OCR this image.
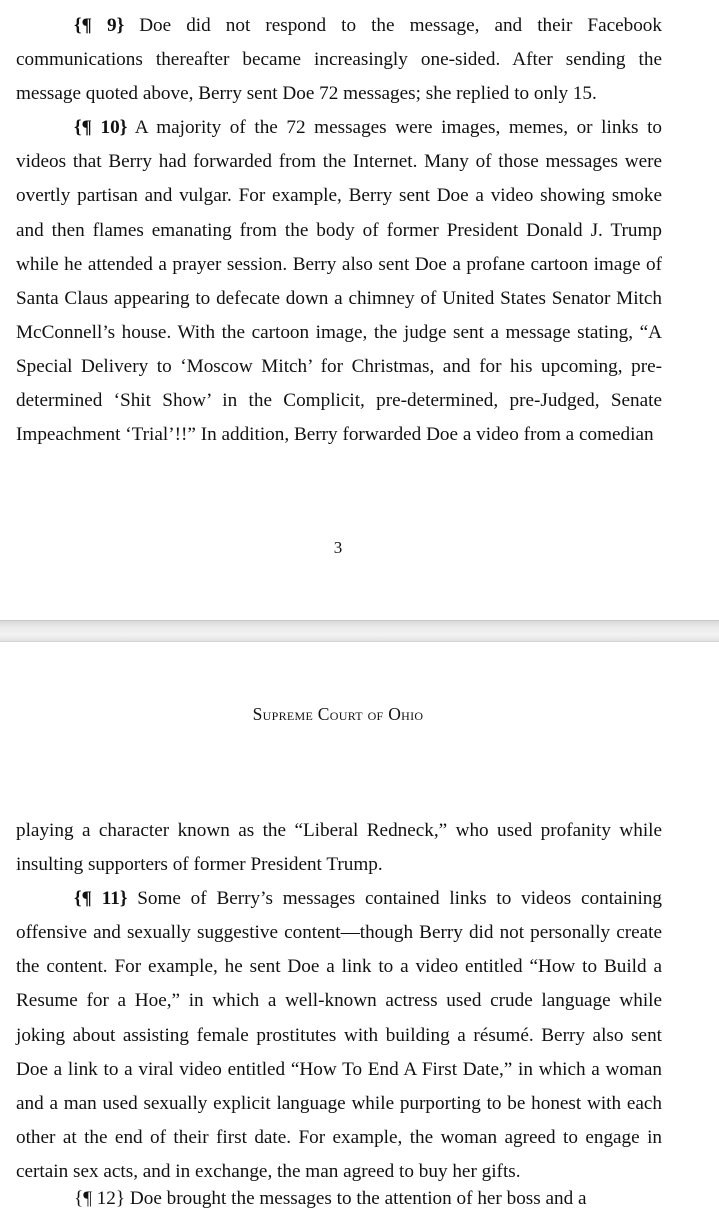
{¶ 9} Doe did not respond to the message, and their Facebook communications thereafter became increasingly one-sided. After sending the message quoted above, Berry sent Doe 72 messages; she replied to only 15.

{¶ 10} A majority of the 72 messages were images, memes, or links to videos that Berry had forwarded from the Internet. Many of those messages were overtly partisan and vulgar. For example, Berry sent Doe a video showing smoke and then flames emanating from the body of former President Donald J. Trump while he attended a prayer session. Berry also sent Doe a profane cartoon image of Santa Claus appearing to defecate down a chimney of United States Senator Mitch McConnell’s house. With the cartoon image, the judge sent a message stating, “A Special Delivery to ‘Moscow Mitch’ for Christmas, and for his upcoming, pre-determined ‘Shit Show’ in the Complicit, pre-determined, pre-Judged, Senate Impeachment ‘Trial’!!” In addition, Berry forwarded Doe a video from a comedian

3
Supreme Court of Ohio

playing a character known as the “Liberal Redneck,” who used profanity while insulting supporters of former President Trump.

{¶ 11} Some of Berry’s messages contained links to videos containing offensive and sexually suggestive content—though Berry did not personally create the content. For example, he sent Doe a link to a video entitled “How to Build a Resume for a Hoe,” in which a well-known actress used crude language while joking about assisting female prostitutes with building a résumé. Berry also sent Doe a link to a viral video entitled “How To End A First Date,” in which a woman and a man used sexually explicit language while purporting to be honest with each other at the end of their first date. For example, the woman agreed to engage in certain sex acts, and in exchange, the man agreed to buy her gifts.

{¶ 12} Doe brought the messages to the attention of her boss and a
